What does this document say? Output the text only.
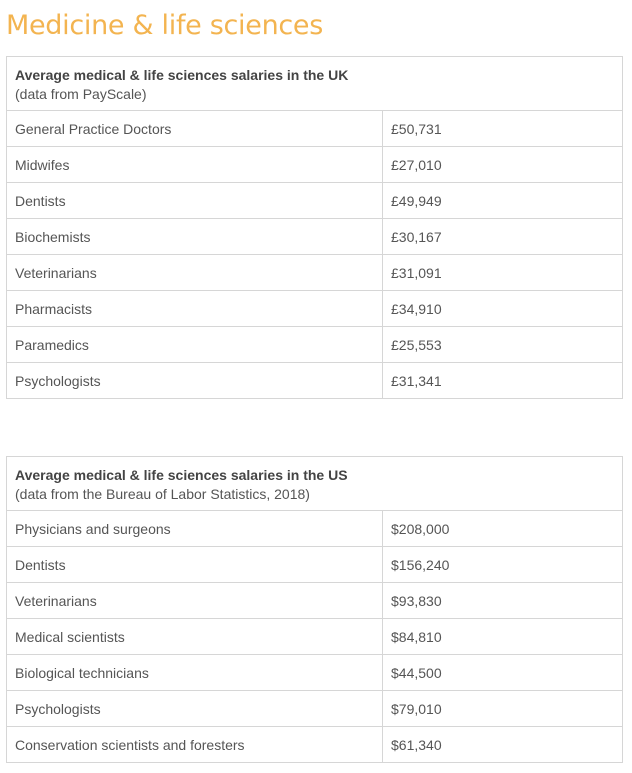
Medicine & life sciences
Average medical & life sciences salaries in the UK
(data from PayScale)	

General Practice Doctors	£50,731
Midwifes	£27,010
Dentists	£49,949
Biochemists	£30,167
Veterinarians	£31,091
Pharmacists	£34,910
Paramedics	£25,553
Psychologists	£31,341
Average medical & life sciences salaries in the US
(data from the Bureau of Labor Statistics, 2018)	

Physicians and surgeons	$208,000
Dentists	$156,240
Veterinarians	$93,830
Medical scientists	$84,810
Biological technicians	$44,500
Psychologists	$79,010
Conservation scientists and foresters	$61,340
